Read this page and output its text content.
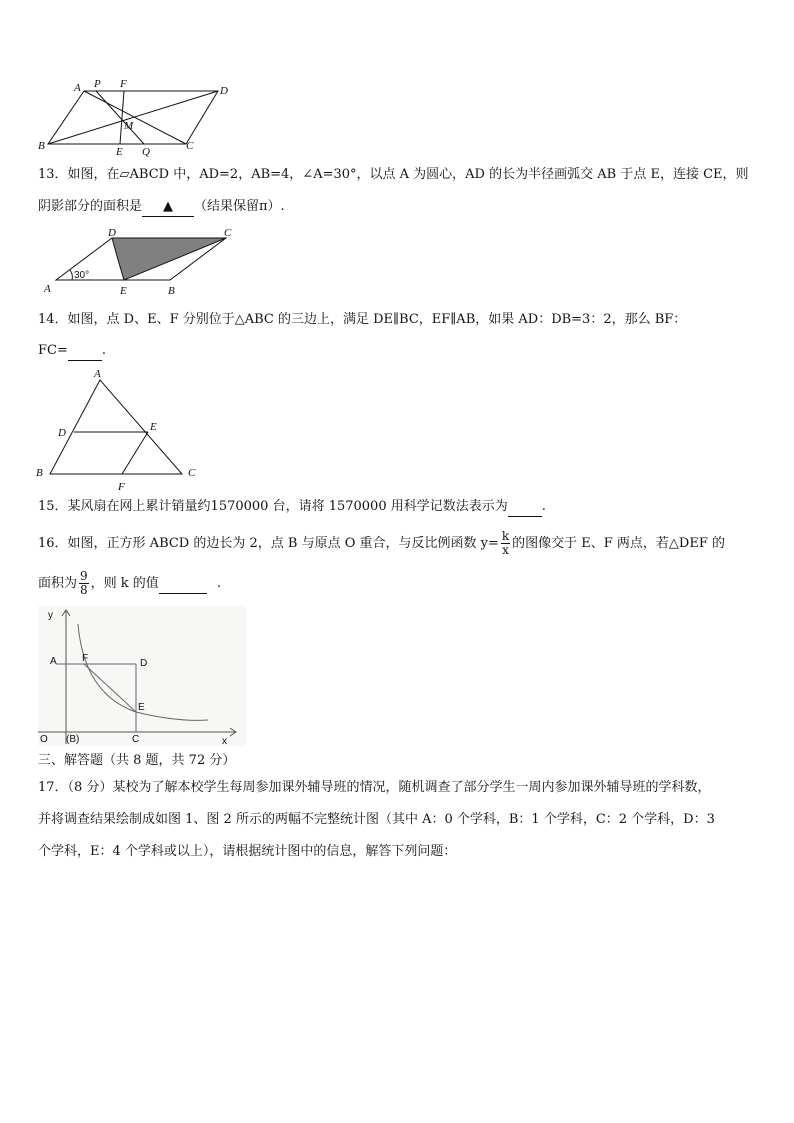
A P F
D
B
M
E Q	C
13．如图，在▱ABCD 中，AD=2，AB=4，∠A=30°，以点 A 为圆心，AD 的长为半径画弧交 AB 于点 E，连接 CE，则
阴影部分的面积是 ▲ （结果保留π）.
D	C
A	E	B
30°
14．如图，点 D、E、F 分别位于△ABC 的三边上，满足 DE∥BC，EF∥AB，如果 AD：DB=3：2，那么 BF：
FC=	.
A
D	E
B
F
C
15．某风扇在网上累计销量约1570000 台，请将 1570000 用科学记数法表示为	.
16．如图，正方形 ABCD 的边长为 2，点 B 与原点 O 重合，与反比例函数 $y= \frac{k}{x}$ 的图像交于 E、F 两点，若△DEF 的
面积为 $\frac{9}{8}$ ，则 k 的值	.
y
x
A	F	D
E
O (B)	C
三、解答题（共 8 题，共 72 分）
17．（8 分）某校为了解本校学生每周参加课外辅导班的情况，随机调查了部分学生一周内参加课外辅导班的学科数，
并将调查结果绘制成如图 1、图 2 所示的两幅不完整统计图（其中 A：0 个学科，B：1 个学科，C：2 个学科，D：3
个学科，E：4 个学科或以上），请根据统计图中的信息，解答下列问题：
